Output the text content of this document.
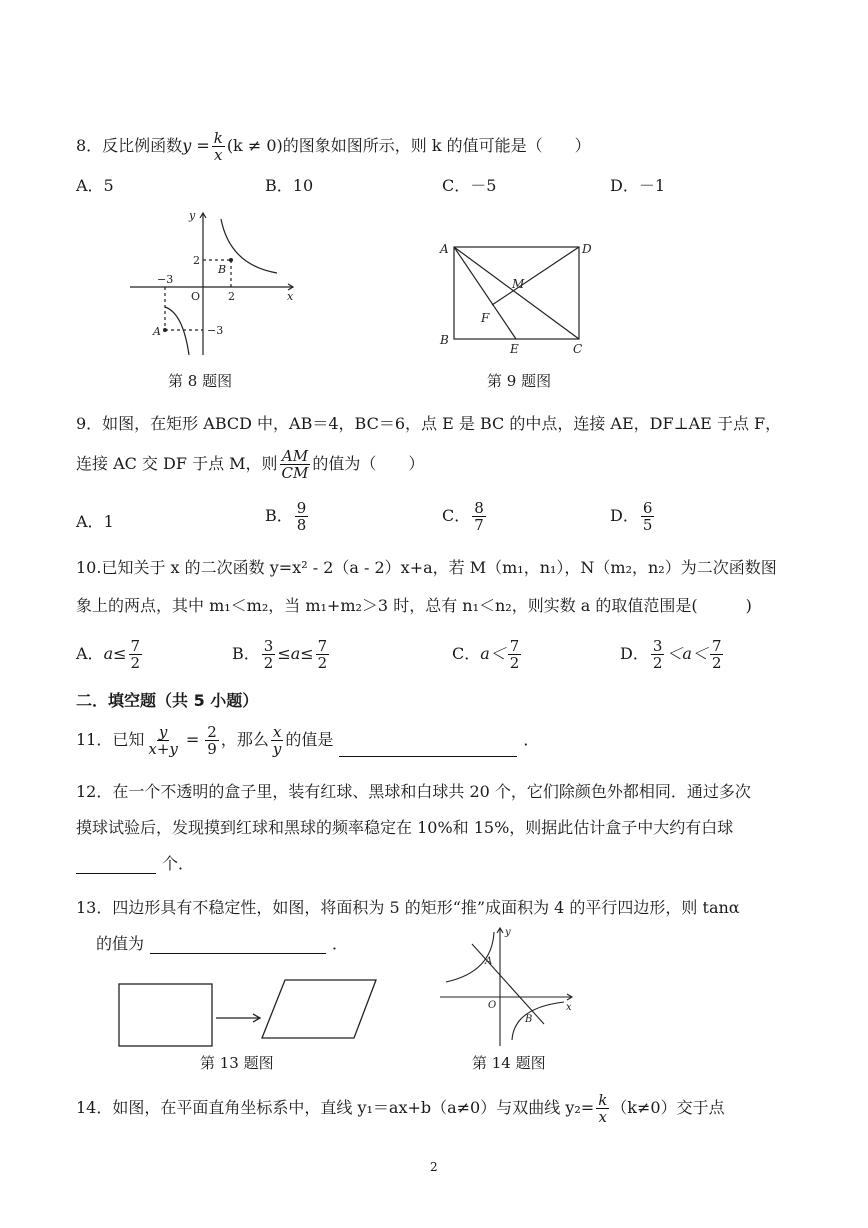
8．反比例函数$y = \frac{k}{x} (k \ne 0)$的图象如图所示，则 k 的值可能是（　　）
A．5	B．10	C．－5	D．－1
y
x
O
2
2
−3
−3
A
B
第 8 题图
A
B
C
D
E
F
M
第 9 题图
9．如图，在矩形 ABCD 中，AB＝4，BC＝6，点 E 是 BC 的中点，连接 AE，DF⊥AE 于点 F，
连接 AC 交 DF 于点 M，则 $\frac{AM}{CM}$ 的值为（　　）
A．1	B． $\frac{9}{8}$	C． $\frac{8}{7}$	D． $\frac{6}{5}$
10.已知关于 x 的二次函数 y=x² - 2（a - 2）x+a，若 M（m₁，n₁），N（m₂，n₂）为二次函数图
象上的两点，其中 m₁＜m₂，当 m₁+m₂＞3 时，总有 n₁＜n₂，则实数 a 的取值范围是(　　　)
A．$a\le \frac{7}{2}$	B． $\frac{3}{2} \le a\le \frac{7}{2}$	C．$a< \frac{7}{2}$	D． $\frac{3}{2} <a< \frac{7}{2}$
二．填空题（共 5 小题）
11．已知 $\frac{y}{x+y} = \frac{2}{9}$ ，那么 $\frac{x}{y}$ 的值是	．
12．在一个不透明的盒子里，装有红球、黑球和白球共 20 个，它们除颜色外都相同．通过多次
摸球试验后，发现摸到红球和黑球的频率稳定在 10%和 15%，则据此估计盒子中大约有白球
个．
13．四边形具有不稳定性，如图，将面积为 5 的矩形“推”成面积为 4 的平行四边形，则 tanα
的值为	．
第 13 题图
y
x
O
A
B
第 14 题图
14．如图，在平面直角坐标系中，直线 y₁＝ax+b（a≠0）与双曲线 $y_2= \frac{k}{x} (k\ne 0)$交于点
2
